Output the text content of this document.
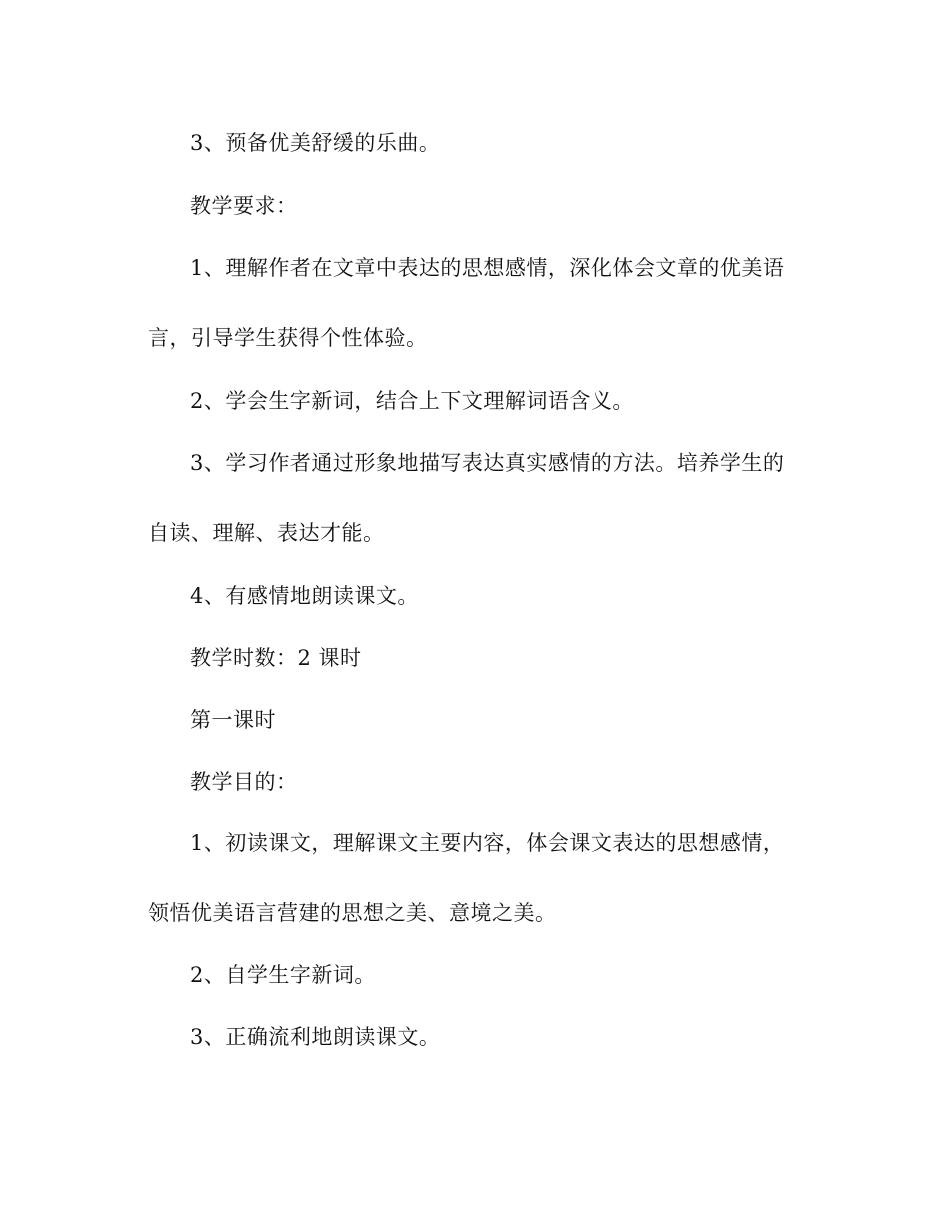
3、预备优美舒缓的乐曲。
教学要求：
1、理解作者在文章中表达的思想感情，深化体会文章的优美语
言，引导学生获得个性体验。
2、学会生字新词，结合上下文理解词语含义。
3、学习作者通过形象地描写表达真实感情的方法。培养学生的
自读、理解、表达才能。
4、有感情地朗读课文。
教学时数：2 课时
第一课时
教学目的：
1、初读课文，理解课文主要内容，体会课文表达的思想感情，
领悟优美语言营建的思想之美、意境之美。
2、自学生字新词。
3、正确流利地朗读课文。
